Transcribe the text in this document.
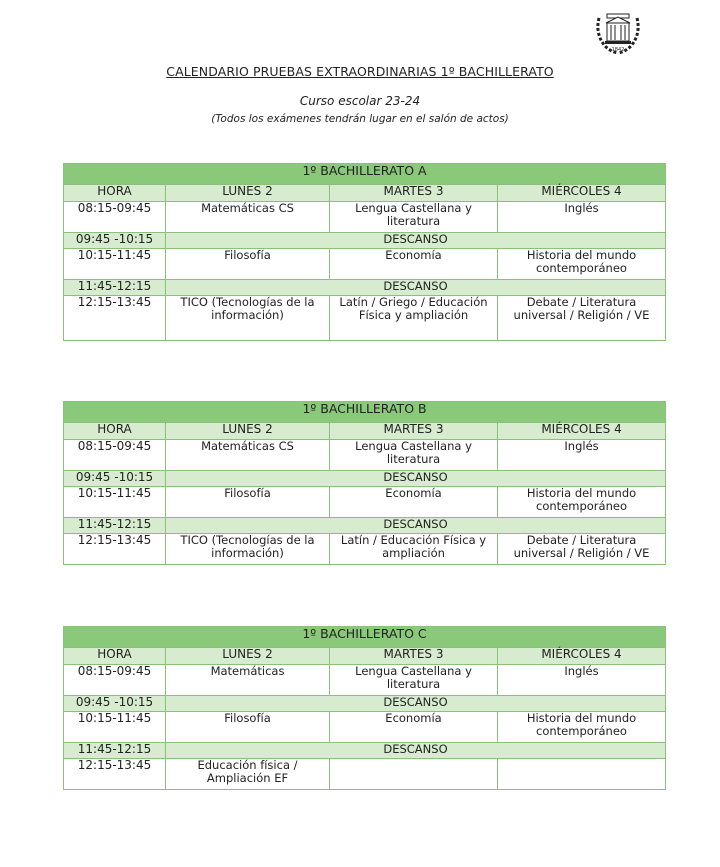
1842
CALENDARIO PRUEBAS EXTRAORDINARIAS 1º BACHILLERATO
Curso escolar 23-24
(Todos los exámenes tendrán lugar en el salón de actos)
1º BACHILLERATO A			
HORA	LUNES 2	MARTES 3	MIÉRCOLES 4
08:15-09:45	Matemáticas CS	Lengua Castellana y literatura	Inglés
09:45 -10:15	DESCANSO		
10:15-11:45	Filosofía	Economía	Historia del mundo contemporáneo
11:45-12:15	DESCANSO		
12:15-13:45	TICO (Tecnologías de la información)	Latín / Griego / Educación Física y ampliación	Debate / Literatura universal / Religión / VE
1º BACHILLERATO B			
HORA	LUNES 2	MARTES 3	MIÉRCOLES 4
08:15-09:45	Matemáticas CS	Lengua Castellana y literatura	Inglés
09:45 -10:15	DESCANSO		
10:15-11:45	Filosofía	Economía	Historia del mundo contemporáneo
11:45-12:15	DESCANSO		
12:15-13:45	TICO (Tecnologías de la información)	Latín / Educación Física y ampliación	Debate / Literatura universal / Religión / VE
1º BACHILLERATO C			
HORA	LUNES 2	MARTES 3	MIÉRCOLES 4
08:15-09:45	Matemáticas	Lengua Castellana y literatura	Inglés
09:45 -10:15	DESCANSO		
10:15-11:45	Filosofía	Economía	Historia del mundo contemporáneo
11:45-12:15	DESCANSO		
12:15-13:45	Educación física / Ampliación EF		
